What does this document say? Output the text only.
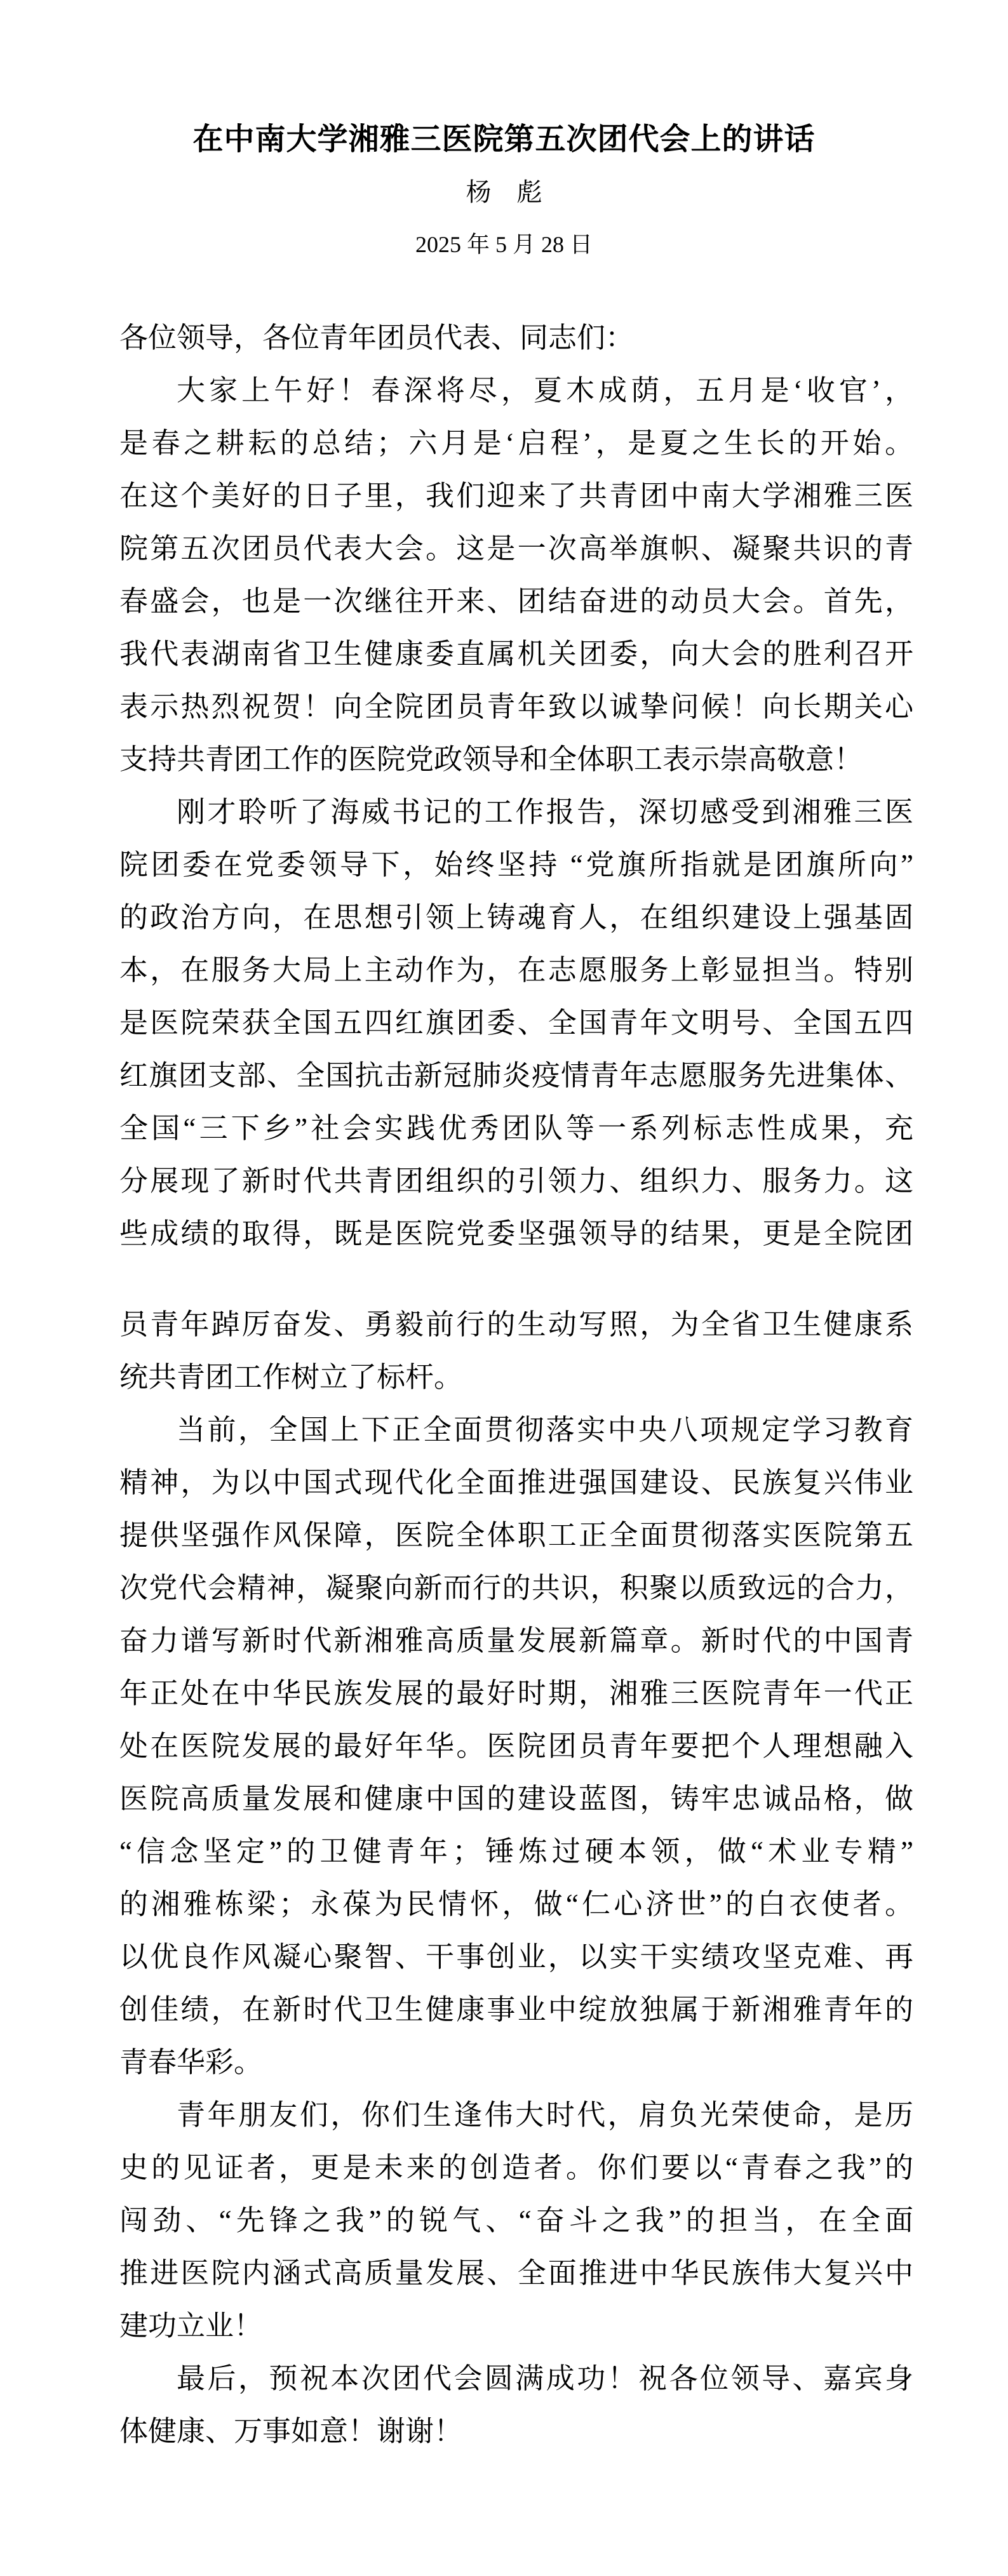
在中南大学湘雅三医院第五次团代会上的讲话
杨　彪
2025 年 5 月 28 日
各位领导，各位青年团员代表、同志们：
大家上午好！春深将尽，夏木成荫，五月是‘收官’，
是春之耕耘的总结；六月是‘启程’，是夏之生长的开始。
在这个美好的日子里，我们迎来了共青团中南大学湘雅三医
院第五次团员代表大会。这是一次高举旗帜、凝聚共识的青
春盛会，也是一次继往开来、团结奋进的动员大会。首先，
我代表湖南省卫生健康委直属机关团委，向大会的胜利召开
表示热烈祝贺！向全院团员青年致以诚挚问候！向长期关心
支持共青团工作的医院党政领导和全体职工表示崇高敬意！
刚才聆听了海威书记的工作报告，深切感受到湘雅三医
院团委在党委领导下，始终坚持 “党旗所指就是团旗所向”
的政治方向，在思想引领上铸魂育人，在组织建设上强基固
本，在服务大局上主动作为，在志愿服务上彰显担当。特别
是医院荣获全国五四红旗团委、全国青年文明号、全国五四
红旗团支部、全国抗击新冠肺炎疫情青年志愿服务先进集体、
全国“三下乡”社会实践优秀团队等一系列标志性成果，充
分展现了新时代共青团组织的引领力、组织力、服务力。这
些成绩的取得，既是医院党委坚强领导的结果，更是全院团
员青年踔厉奋发、勇毅前行的生动写照，为全省卫生健康系
统共青团工作树立了标杆。
当前，全国上下正全面贯彻落实中央八项规定学习教育
精神，为以中国式现代化全面推进强国建设、民族复兴伟业
提供坚强作风保障，医院全体职工正全面贯彻落实医院第五
次党代会精神，凝聚向新而行的共识，积聚以质致远的合力，
奋力谱写新时代新湘雅高质量发展新篇章。新时代的中国青
年正处在中华民族发展的最好时期，湘雅三医院青年一代正
处在医院发展的最好年华。医院团员青年要把个人理想融入
医院高质量发展和健康中国的建设蓝图，铸牢忠诚品格，做
“信念坚定”的卫健青年；锤炼过硬本领，做“术业专精”
的湘雅栋梁；永葆为民情怀，做“仁心济世”的白衣使者。
以优良作风凝心聚智、干事创业，以实干实绩攻坚克难、再
创佳绩，在新时代卫生健康事业中绽放独属于新湘雅青年的
青春华彩。
青年朋友们，你们生逢伟大时代，肩负光荣使命，是历
史的见证者，更是未来的创造者。你们要以“青春之我”的
闯劲、“先锋之我”的锐气、“奋斗之我”的担当，在全面
推进医院内涵式高质量发展、全面推进中华民族伟大复兴中
建功立业！
最后，预祝本次团代会圆满成功！祝各位领导、嘉宾身
体健康、万事如意！谢谢！
